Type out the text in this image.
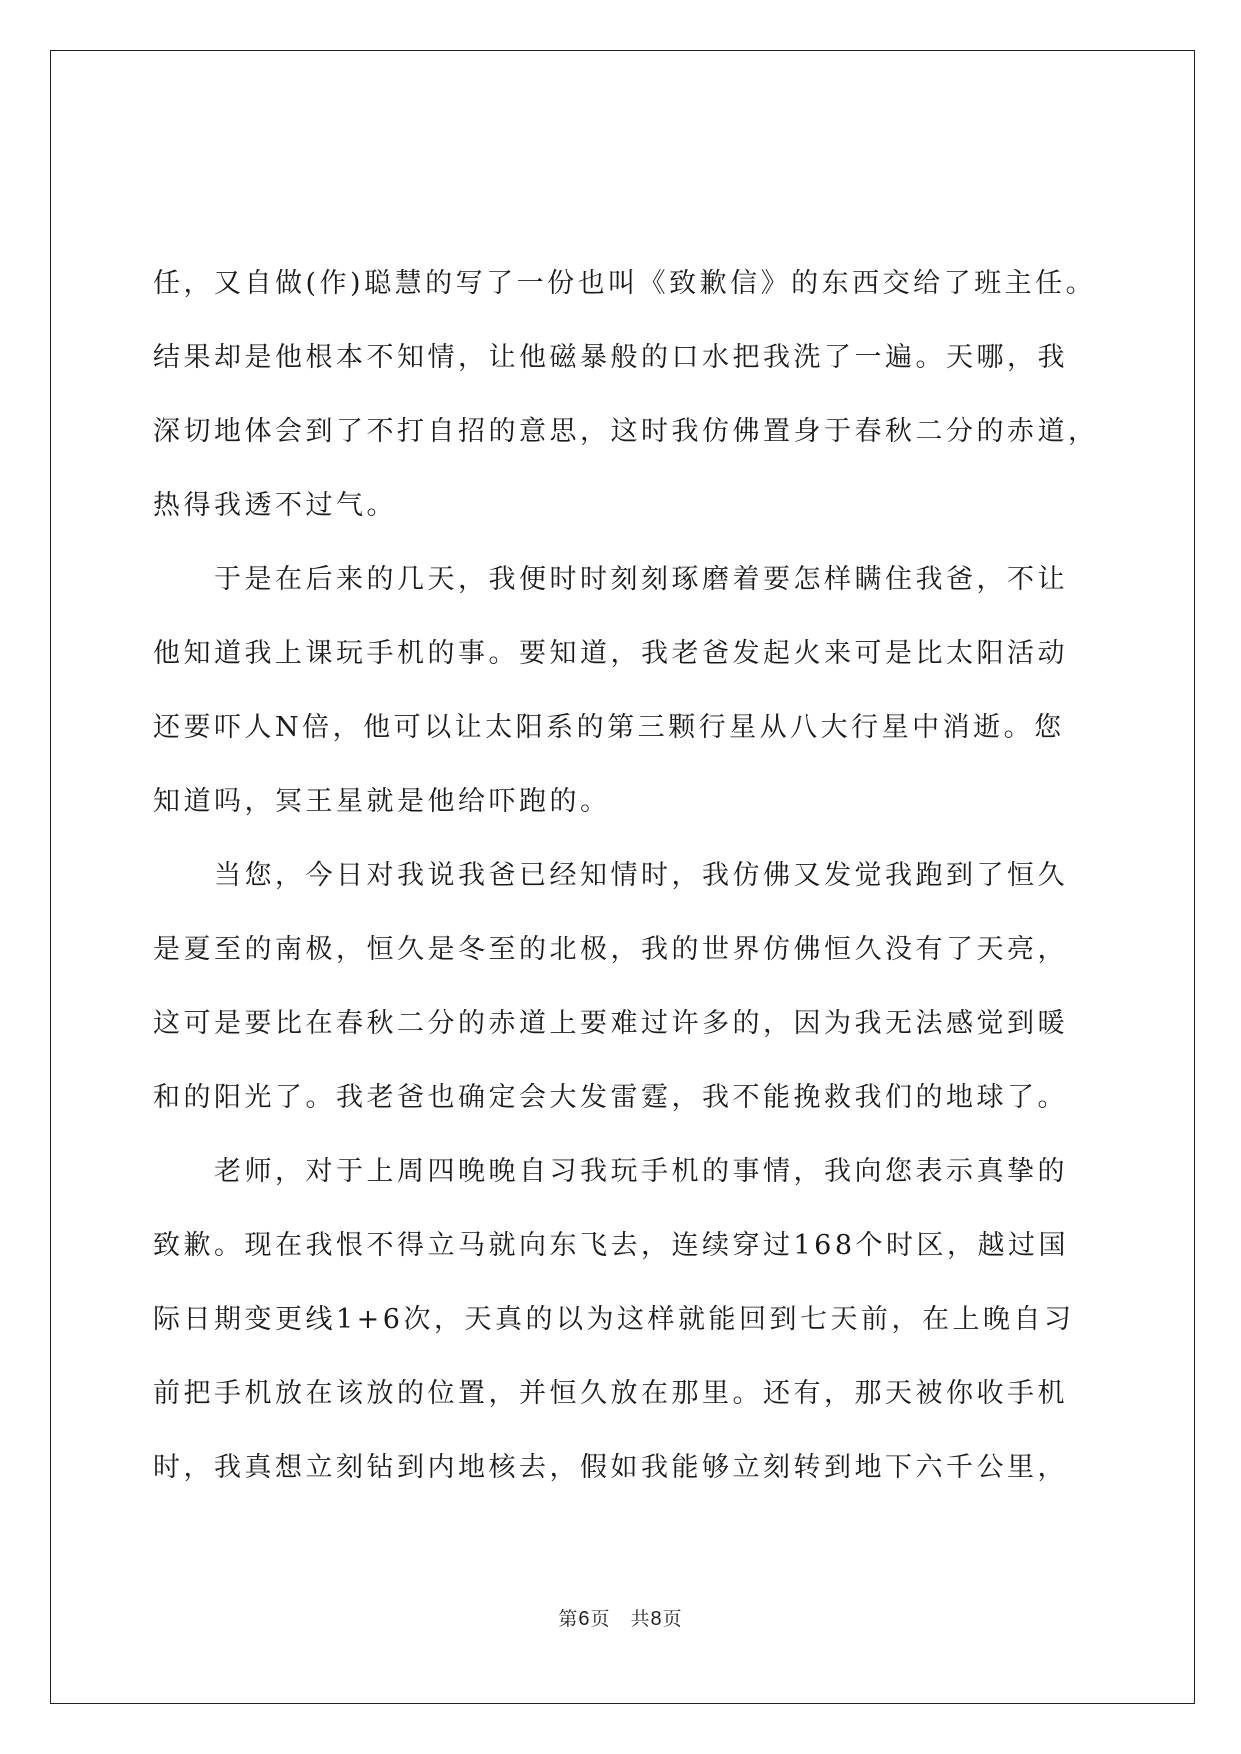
任，又自做(作)聪慧的写了一份也叫《致歉信》的东西交给了班主任。
结果却是他根本不知情，让他磁暴般的口水把我洗了一遍。天哪，我
深切地体会到了不打自招的意思，这时我仿佛置身于春秋二分的赤道，
热得我透不过气。
　　于是在后来的几天，我便时时刻刻琢磨着要怎样瞒住我爸，不让
他知道我上课玩手机的事。要知道，我老爸发起火来可是比太阳活动
还要吓人N倍，他可以让太阳系的第三颗行星从八大行星中消逝。您
知道吗，冥王星就是他给吓跑的。
　　当您，今日对我说我爸已经知情时，我仿佛又发觉我跑到了恒久
是夏至的南极，恒久是冬至的北极，我的世界仿佛恒久没有了天亮，
这可是要比在春秋二分的赤道上要难过许多的，因为我无法感觉到暖
和的阳光了。我老爸也确定会大发雷霆，我不能挽救我们的地球了。
　　老师，对于上周四晚晚自习我玩手机的事情，我向您表示真挚的
致歉。现在我恨不得立马就向东飞去，连续穿过168个时区，越过国
际日期变更线1+6次，天真的以为这样就能回到七天前，在上晚自习
前把手机放在该放的位置，并恒久放在那里。还有，那天被你收手机
时，我真想立刻钻到内地核去，假如我能够立刻转到地下六千公里，
第6页　共8页
